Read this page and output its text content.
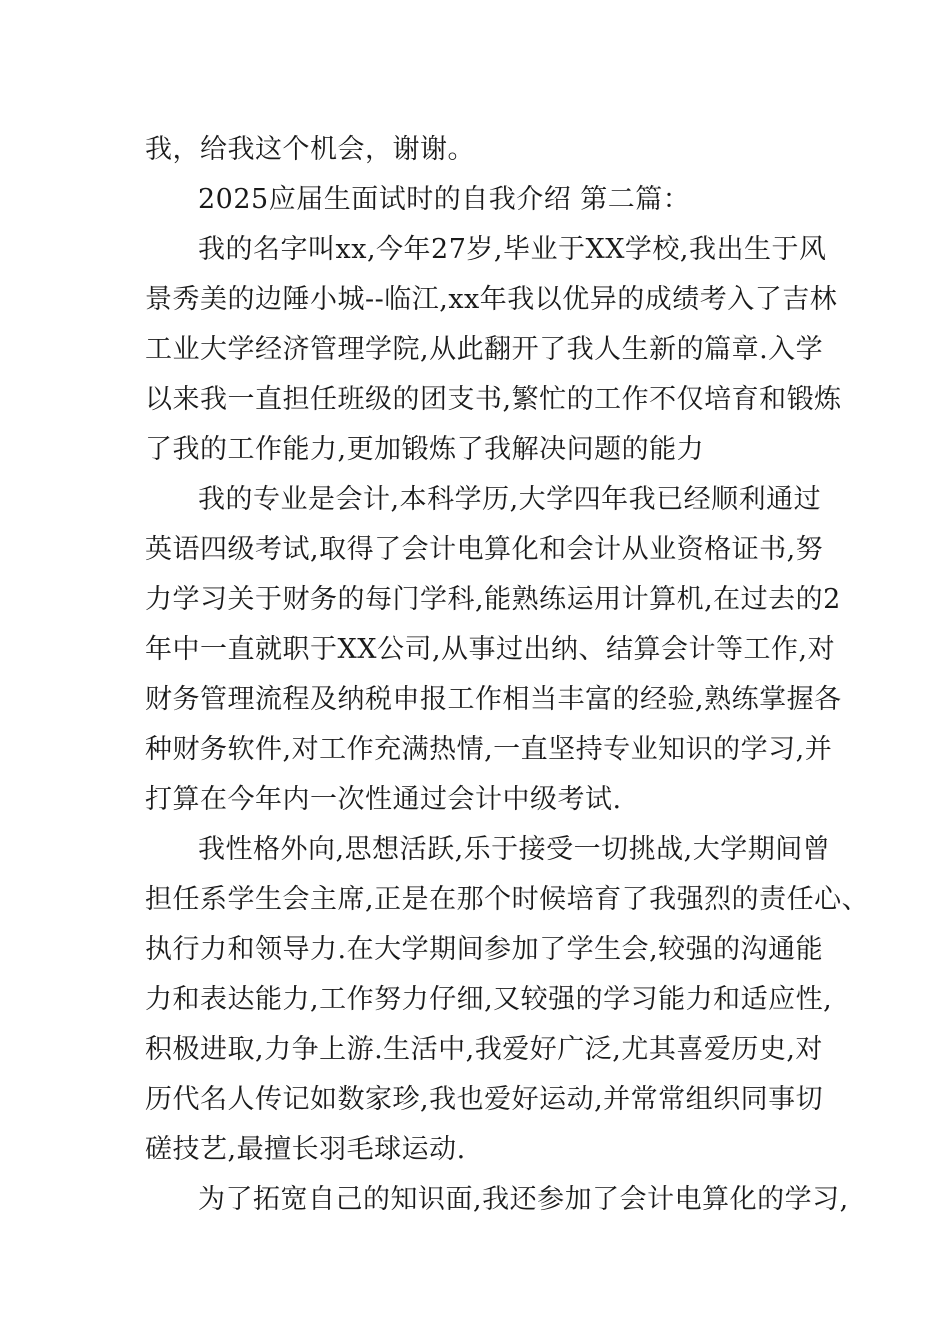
我，给我这个机会，谢谢。
2025应届生面试时的自我介绍 第二篇：
我的名字叫xx,今年27岁,毕业于XX学校,我出生于风
景秀美的边陲小城--临江,xx年我以优异的成绩考入了吉林
工业大学经济管理学院,从此翻开了我人生新的篇章.入学
以来我一直担任班级的团支书,繁忙的工作不仅培育和锻炼
了我的工作能力,更加锻炼了我解决问题的能力
我的专业是会计,本科学历,大学四年我已经顺利通过
英语四级考试,取得了会计电算化和会计从业资格证书,努
力学习关于财务的每门学科,能熟练运用计算机,在过去的2
年中一直就职于XX公司,从事过出纳、结算会计等工作,对
财务管理流程及纳税申报工作相当丰富的经验,熟练掌握各
种财务软件,对工作充满热情,一直坚持专业知识的学习,并
打算在今年内一次性通过会计中级考试.
我性格外向,思想活跃,乐于接受一切挑战,大学期间曾
担任系学生会主席,正是在那个时候培育了我强烈的责任心、
执行力和领导力.在大学期间参加了学生会,较强的沟通能
力和表达能力,工作努力仔细,又较强的学习能力和适应性,
积极进取,力争上游.生活中,我爱好广泛,尤其喜爱历史,对
历代名人传记如数家珍,我也爱好运动,并常常组织同事切
磋技艺,最擅长羽毛球运动.
为了拓宽自己的知识面,我还参加了会计电算化的学习,
